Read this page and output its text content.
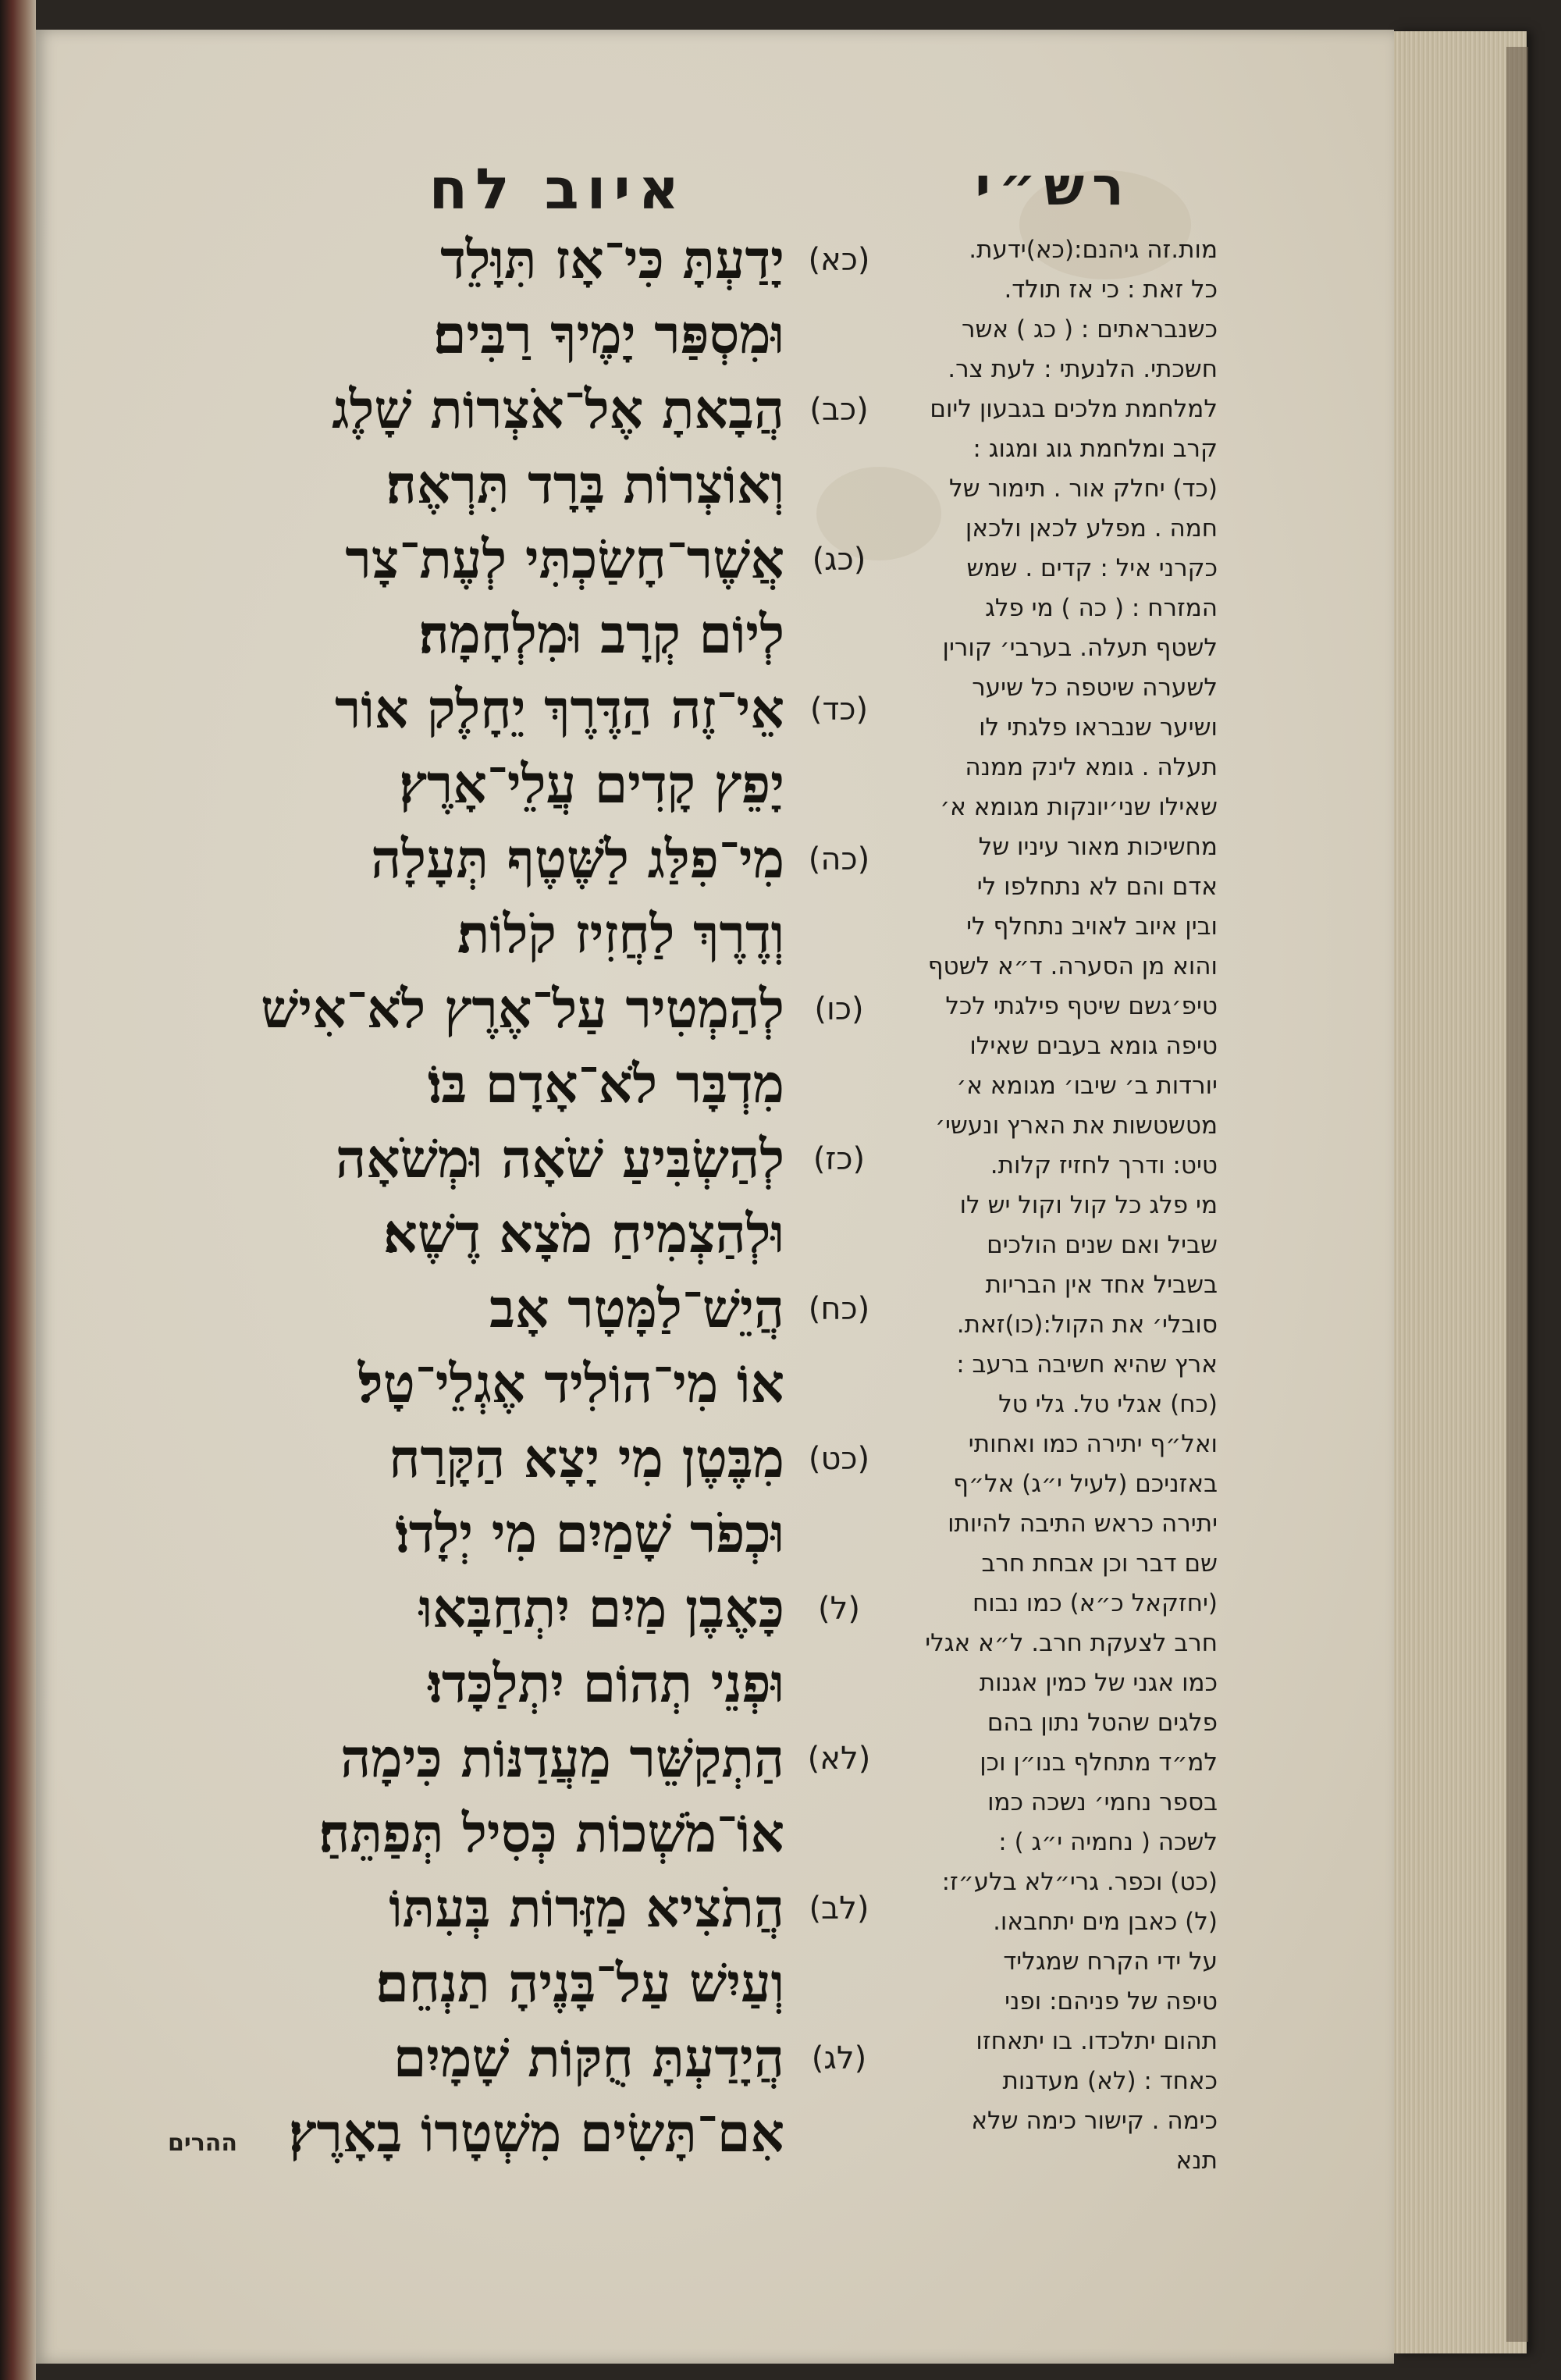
רש״י
איוב לח
(כא)
יָדַעְתָּ כִּי־אָז תִּוָּלֵד
וּמִסְפַּר יָמֶיךָ רַבִּים׃
(כב)
הֲבָאתָ אֶל־אֹצְרוֹת שָׁלֶג
וְאוֹצְרוֹת בָּרָד תִּרְאֶה׃
(כג)
אֲשֶׁר־חָשַׂכְתִּי לְעֶת־צָר
לְיוֹם קְרָב וּמִלְחָמָה׃
(כד)
אֵי־זֶה הַדֶּרֶךְ יֵחָלֶק אוֹר
יָפֵץ קָדִים עֲלֵי־אָרֶץ׃
(כה)
מִי־פִלַּג לַשֶּׁטֶף תְּעָלָה
וְדֶרֶךְ לַחֲזִיז קֹלוֹת׃
(כו)
לְהַמְטִיר עַל־אֶרֶץ לֹא־אִישׁ
מִדְבָּר לֹא־אָדָם בּוֹ׃
(כז)
לְהַשְׂבִּיעַ שֹׁאָה וּמְשֹׁאָה
וּלְהַצְמִיחַ מֹצָא דֶשֶׁא׃
(כח)
הֲיֵשׁ־לַמָּטָר אָב
אוֹ מִי־הוֹלִיד אֶגְלֵי־טָל׃
(כט)
מִבֶּטֶן מִי יָצָא הַקָּרַח
וּכְפֹר שָׁמַיִם מִי יְלָדוֹ׃
(ל)
כָּאֶבֶן מַיִם יִתְחַבָּאוּ
וּפְנֵי תְהוֹם יִתְלַכָּדוּ׃
(לא)
הַתְקַשֵּׁר מַעֲדַנּוֹת כִּימָה
אוֹ־מֹשְׁכוֹת כְּסִיל תְּפַתֵּחַ׃
(לב)
הֲתֹצִיא מַזָּרוֹת בְּעִתּוֹ
וְעַיִשׁ עַל־בָּנֶיהָ תַנְחֵם׃
(לג)
הֲיָדַעְתָּ חֻקּוֹת שָׁמָיִם
אִם־תָּשִׂים מִשְׁטָרוֹ בָאָרֶץ׃
מות.זה גיהנם:(כא)ידעת.
כל זאת : כי אז תולד.
כשנבראתים : ( כג ) אשר
חשכתי. הלנעתי : לעת צר.
למלחמת מלכים בגבעון ליום
קרב ומלחמת גוג ומגוג :
(כד) יחלק אור . תימור של
חמה . מפלע לכאן ולכאן
כקרני איל : קדים . שמש
המזרח : ( כה ) מי פלג
לשטף תעלה. בערבי׳ קורין
לשערה שיטפה כל שיער
ושיער שנבראו פלגתי לו
תעלה . גומא לינק ממנה
שאילו שני׳יונקות מגומא א׳
מחשיכות מאור עיניו של
אדם והם לא נתחלפו לי
ובין איוב לאויב נתחלף לי
והוא מן הסערה. ד״א לשטף
טיפ׳גשם שיטף פילגתי לכל
טיפה גומא בעבים שאילו
יורדות ב׳ שיבו׳ מגומא א׳
מטשטשות את הארץ ונעשי׳
טיט: ודרך לחזיז קלות.
מי פלג כל קול וקול יש לו
שביל ואם שנים הולכים
בשביל אחד אין הבריות
סובלי׳ את הקול:(כו)זאת.
ארץ שהיא חשיבה ברעב :
(כח) אגלי טל. גלי טל
ואל״ף יתירה כמו ואחותי
באזניכם (לעיל י״ג) אל״ף
יתירה כראש התיבה להיותו
שם דבר וכן אבחת חרב
(יחזקאל כ״א) כמו נבוח
חרב לצעקת חרב. ל״א אגלי
כמו אגני של כמין אגנות
פלגים שהטל נתון בהם
למ״ד מתחלף בנו״ן וכן
בספר נחמי׳ נשכה כמו
לשכה ( נחמיה י״ג ) :
(כט) וכפר. גרי״לא בלע״ז:
(ל) כאבן מים יתחבאו.
על ידי הקרח שמגליד
טיפה של פניהם: ופני
תהום יתלכדו. בו יתאחזו
כאחד : (לא) מעדנות
כימה . קישור כימה שלא
תנא
ההרים
